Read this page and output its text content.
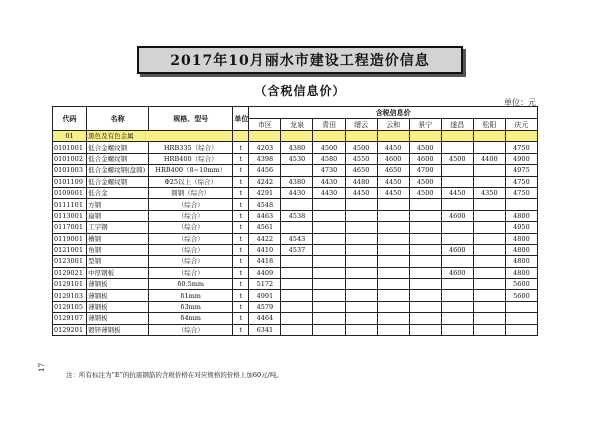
2017年10月丽水市建设工程造价信息
（含税信息价）
单位：元
代码	名称	规格、型号	单位	含税信息价								
				市区	龙泉	青田	缙云	云和	景宁	遂昌	松阳	庆元
01	黑色及有色金属											
0101001	低合金螺纹钢	HRB335（综合）	t	4203	4380	4500	4500	4450	4500			4750
0101002	低合金螺纹钢	HRB400（综合）	t	4398	4530	4580	4550	4600	4600	4500	4400	4900
0101003	低合金螺纹钢(盘圆)	HRB400（8~10mm）	t	4456		4730	4650	4650	4700			4975
0101109	低合金螺纹钢	Φ25以上（综合）	t	4242	4380	4430	4480	4450	4500			4750
0109001	低合金	圆钢（综合）	t	4291	4430	4430	4450	4450	4500	4450	4350	4750
0111101	方钢	（综合）	t	4548								
0113001	扁钢	（综合）	t	4463	4538					4600		4800
0117001	工字钢	（综合）	t	4561								4950
0119001	槽钢	（综合）	t	4422	4543							4800
0121001	角钢	（综合）	t	4410	4537					4600		4800
0123001	型钢	（综合）	t	4418								4800
0129021	中厚钢板	（综合）	t	4409						4600		4800
0129101	薄钢板	δ0.5mm	t	5172								5600
0129103	薄钢板	δ1mm	t	4991								5600
0129105	薄钢板	δ3mm	t	4579								
0129107	薄钢板	δ4mm	t	4464								
0129201	镀锌薄钢板	（综合）	t	6341								
17
注：所有标注为“E”的抗震钢筋的含税价格在对应规格的价格上加60元/吨。
